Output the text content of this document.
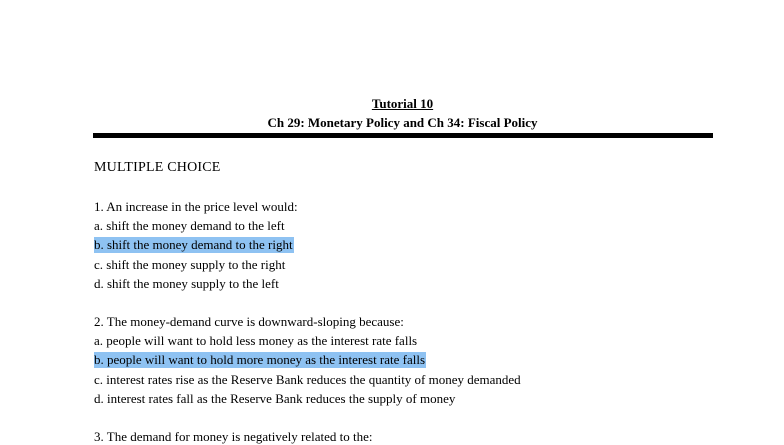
Tutorial 10
Ch 29: Monetary Policy and Ch 34: Fiscal Policy
MULTIPLE CHOICE
1. An increase in the price level would:
a. shift the money demand to the left
b. shift the money demand to the right
c. shift the money supply to the right
d. shift the money supply to the left
2. The money-demand curve is downward-sloping because:
a. people will want to hold less money as the interest rate falls
b. people will want to hold more money as the interest rate falls
c. interest rates rise as the Reserve Bank reduces the quantity of money demanded
d. interest rates fall as the Reserve Bank reduces the supply of money
3. The demand for money is negatively related to the:
